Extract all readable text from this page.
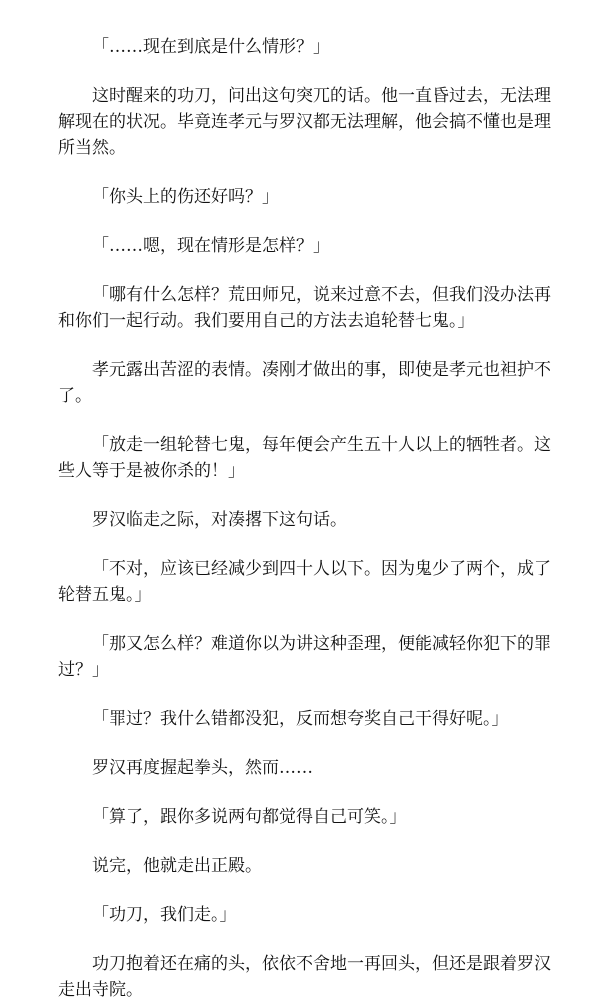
「……现在到底是什么情形？」

这时醒来的功刀，问出这句突兀的话。他一直昏过去，无法理解现在的状况。毕竟连孝元与罗汉都无法理解，他会搞不懂也是理所当然。

「你头上的伤还好吗？」

「……嗯，现在情形是怎样？」

「哪有什么怎样？荒田师兄，说来过意不去，但我们没办法再和你们一起行动。我们要用自己的方法去追轮替七鬼。」

孝元露出苦涩的表情。凑刚才做出的事，即使是孝元也袒护不了。

「放走一组轮替七鬼，每年便会产生五十人以上的牺牲者。这些人等于是被你杀的！」

罗汉临走之际，对凑撂下这句话。

「不对，应该已经减少到四十人以下。因为鬼少了两个，成了轮替五鬼。」

「那又怎么样？难道你以为讲这种歪理，便能减轻你犯下的罪过？」

「罪过？我什么错都没犯，反而想夸奖自己干得好呢。」

罗汉再度握起拳头，然而……

「算了，跟你多说两句都觉得自己可笑。」

说完，他就走出正殿。

「功刀，我们走。」

功刀抱着还在痛的头，依依不舍地一再回头，但还是跟着罗汉走出寺院。
